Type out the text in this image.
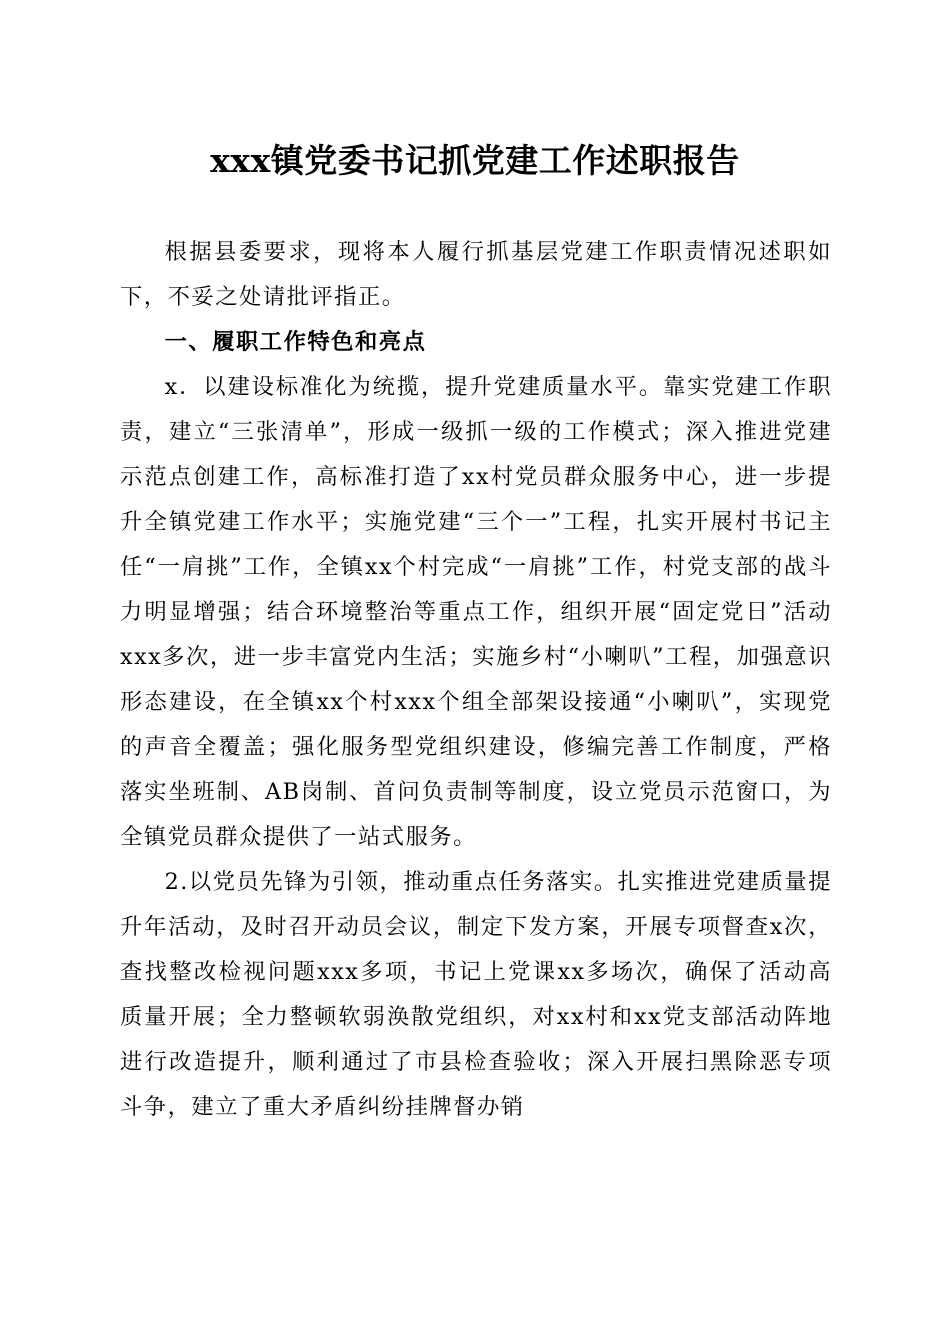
xxx镇党委书记抓党建工作述职报告

根据县委要求，现将本人履行抓基层党建工作职责情况述职如下，不妥之处请批评指正。

一、履职工作特色和亮点

x．以建设标准化为统揽，提升党建质量水平。靠实党建工作职责，建立“三张清单”，形成一级抓一级的工作模式；深入推进党建示范点创建工作，高标准打造了xx村党员群众服务中心，进一步提升全镇党建工作水平；实施党建“三个一”工程，扎实开展村书记主任“一肩挑”工作，全镇xx个村完成“一肩挑”工作，村党支部的战斗力明显增强；结合环境整治等重点工作，组织开展“固定党日”活动xxx多次，进一步丰富党内生活；实施乡村“小喇叭”工程，加强意识形态建设，在全镇xx个村xxx个组全部架设接通“小喇叭”，实现党的声音全覆盖；强化服务型党组织建设，修编完善工作制度，严格落实坐班制、AB岗制、首问负责制等制度，设立党员示范窗口，为全镇党员群众提供了一站式服务。

2.以党员先锋为引领，推动重点任务落实。扎实推进党建质量提升年活动，及时召开动员会议，制定下发方案，开展专项督查x次，查找整改检视问题xxx多项，书记上党课xx多场次，确保了活动高质量开展；全力整顿软弱涣散党组织，对xx村和xx党支部活动阵地进行改造提升，顺利通过了市县检查验收；深入开展扫黑除恶专项斗争，建立了重大矛盾纠纷挂牌督办销
